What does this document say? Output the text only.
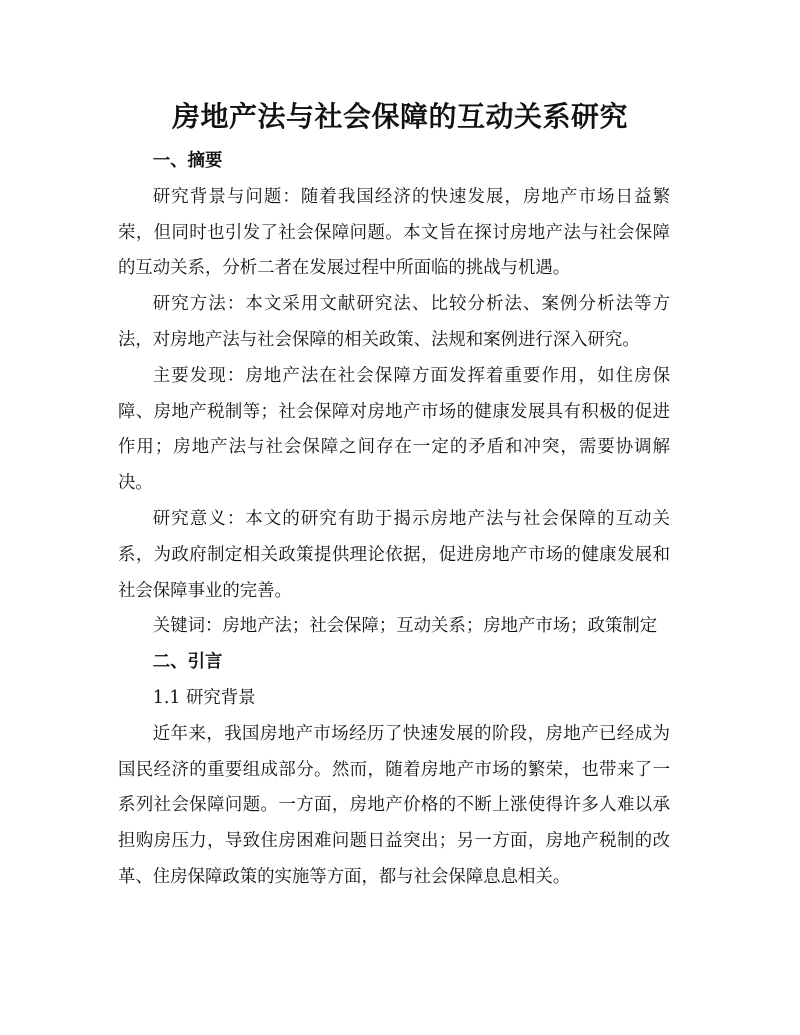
房地产法与社会保障的互动关系研究

一、摘要

研究背景与问题：随着我国经济的快速发展，房地产市场日益繁荣，但同时也引发了社会保障问题。本文旨在探讨房地产法与社会保障的互动关系，分析二者在发展过程中所面临的挑战与机遇。

研究方法：本文采用文献研究法、比较分析法、案例分析法等方法，对房地产法与社会保障的相关政策、法规和案例进行深入研究。

主要发现：房地产法在社会保障方面发挥着重要作用，如住房保障、房地产税制等；社会保障对房地产市场的健康发展具有积极的促进作用；房地产法与社会保障之间存在一定的矛盾和冲突，需要协调解决。

研究意义：本文的研究有助于揭示房地产法与社会保障的互动关系，为政府制定相关政策提供理论依据，促进房地产市场的健康发展和社会保障事业的完善。

关键词：房地产法；社会保障；互动关系；房地产市场；政策制定

二、引言

1.1 研究背景

近年来，我国房地产市场经历了快速发展的阶段，房地产已经成为国民经济的重要组成部分。然而，随着房地产市场的繁荣，也带来了一系列社会保障问题。一方面，房地产价格的不断上涨使得许多人难以承担购房压力，导致住房困难问题日益突出；另一方面，房地产税制的改革、住房保障政策的实施等方面，都与社会保障息息相关。
